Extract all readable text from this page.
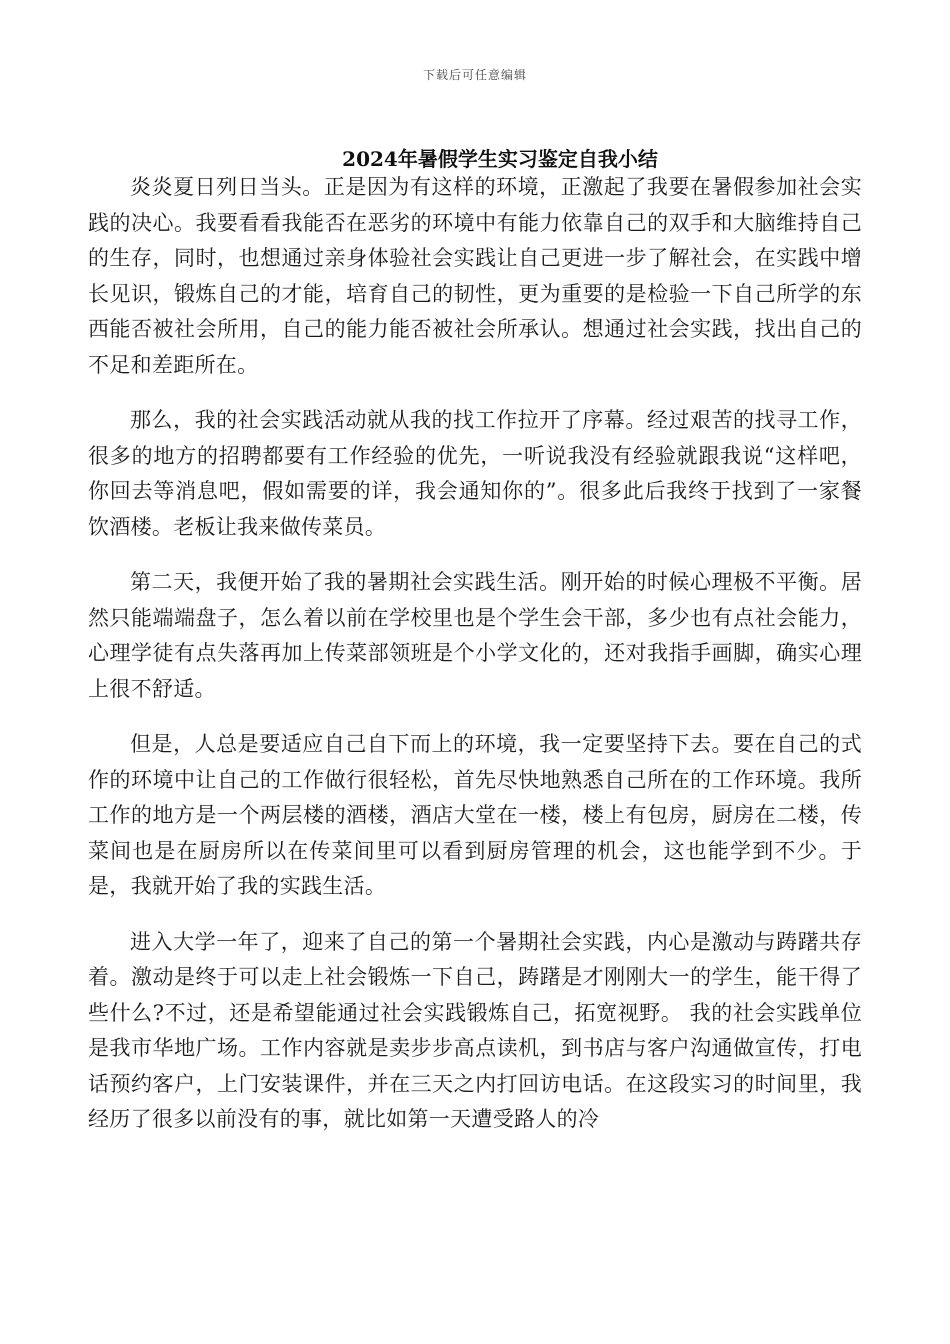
下载后可任意编辑
2024年暑假学生实习鉴定自我小结

炎炎夏日列日当头。正是因为有这样的环境，正激起了我要在暑假参加社会实践的决心。我要看看我能否在恶劣的环境中有能力依靠自己的双手和大脑维持自己的生存，同时，也想通过亲身体验社会实践让自己更进一步了解社会，在实践中增长见识，锻炼自己的才能，培育自己的韧性，更为重要的是检验一下自己所学的东西能否被社会所用，自己的能力能否被社会所承认。想通过社会实践，找出自己的不足和差距所在。

那么，我的社会实践活动就从我的找工作拉开了序幕。经过艰苦的找寻工作，很多的地方的招聘都要有工作经验的优先，一听说我没有经验就跟我说“这样吧，你回去等消息吧，假如需要的详，我会通知你的”。很多此后我终于找到了一家餐饮酒楼。老板让我来做传菜员。

第二天，我便开始了我的暑期社会实践生活。刚开始的时候心理极不平衡。居然只能端端盘子，怎么着以前在学校里也是个学生会干部，多少也有点社会能力，心理学徒有点失落再加上传菜部领班是个小学文化的，还对我指手画脚，确实心理上很不舒适。

但是，人总是要适应自己自下而上的环境，我一定要坚持下去。要在自己的式作的环境中让自己的工作做行很轻松，首先尽快地熟悉自己所在的工作环境。我所工作的地方是一个两层楼的酒楼，酒店大堂在一楼，楼上有包房，厨房在二楼，传菜间也是在厨房所以在传菜间里可以看到厨房管理的机会，这也能学到不少。于是，我就开始了我的实践生活。

进入大学一年了，迎来了自己的第一个暑期社会实践，内心是激动与踌躇共存着。激动是终于可以走上社会锻炼一下自己，踌躇是才刚刚大一的学生，能干得了些什么?不过，还是希望能通过社会实践锻炼自己，拓宽视野。 我的社会实践单位是我市华地广场。工作内容就是卖步步高点读机，到书店与客户沟通做宣传，打电话预约客户，上门安装课件，并在三天之内打回访电话。在这段实习的时间里，我经历了很多以前没有的事，就比如第一天遭受路人的冷
